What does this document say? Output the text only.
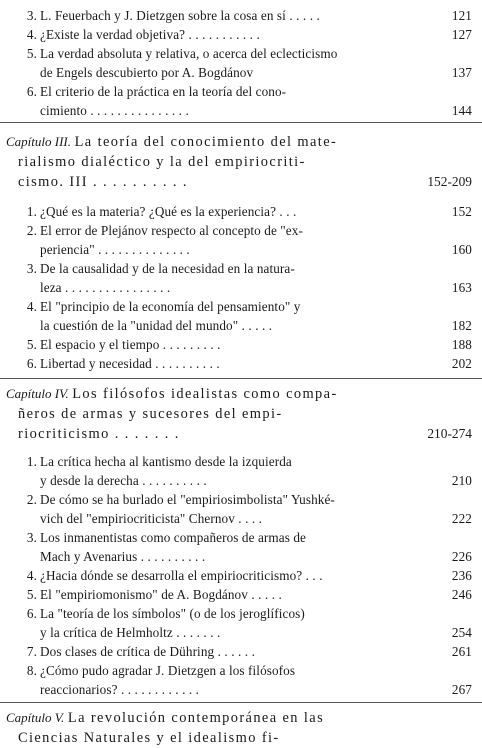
3. L. Feuerbach y J. Dietzgen sobre la cosa en sí . . . . .	121
4. ¿Existe la verdad objetiva? . . . . . . . . . . .	127
5. La verdad absoluta y relativa, o acerca del eclecticismo
de Engels descubierto por A. Bogdánov	137
6. El criterio de la práctica en la teoría del cono-
cimiento . . . . . . . . . . . . . . .	144
Capítulo III. La teoría del conocimiento del mate-
rialismo dialéctico y la del empiriocriti-
cismo. III . . . . . . . . . .	152-209
1. ¿Qué es la materia? ¿Qué es la experiencia? . . .	152
2. El error de Plejánov respecto al concepto de "ex-
periencia" . . . . . . . . . . . . . .	160
3. De la causalidad y de la necesidad en la natura-
leza . . . . . . . . . . . . . . . .	163
4. El "principio de la economía del pensamiento" y
la cuestión de la "unidad del mundo" . . . . .	182
5. El espacio y el tiempo . . . . . . . . .	188
6. Libertad y necesidad . . . . . . . . . .	202
Capítulo IV. Los filósofos idealistas como compa-
ñeros de armas y sucesores del empi-
riocriticismo . . . . . . .	210-274
1. La crítica hecha al kantismo desde la izquierda
y desde la derecha . . . . . . . . . .	210
2. De cómo se ha burlado el "empiriosimbolista" Yushké-
vich del "empiriocriticista" Chernov . . . .	222
3. Los inmanentistas como compañeros de armas de
Mach y Avenarius . . . . . . . . . .	226
4. ¿Hacia dónde se desarrolla el empiriocriticismo? . . .	236
5. El "empiriomonismo" de A. Bogdánov . . . . .	246
6. La "teoría de los símbolos" (o de los jeroglíficos)
y la crítica de Helmholtz . . . . . . .	254
7. Dos clases de crítica de Dühring . . . . . .	261
8. ¿Cómo pudo agradar J. Dietzgen a los filósofos
reaccionarios? . . . . . . . . . . . .	267
Capítulo V. La revolución contemporánea en las
Ciencias Naturales y el idealismo fi-
